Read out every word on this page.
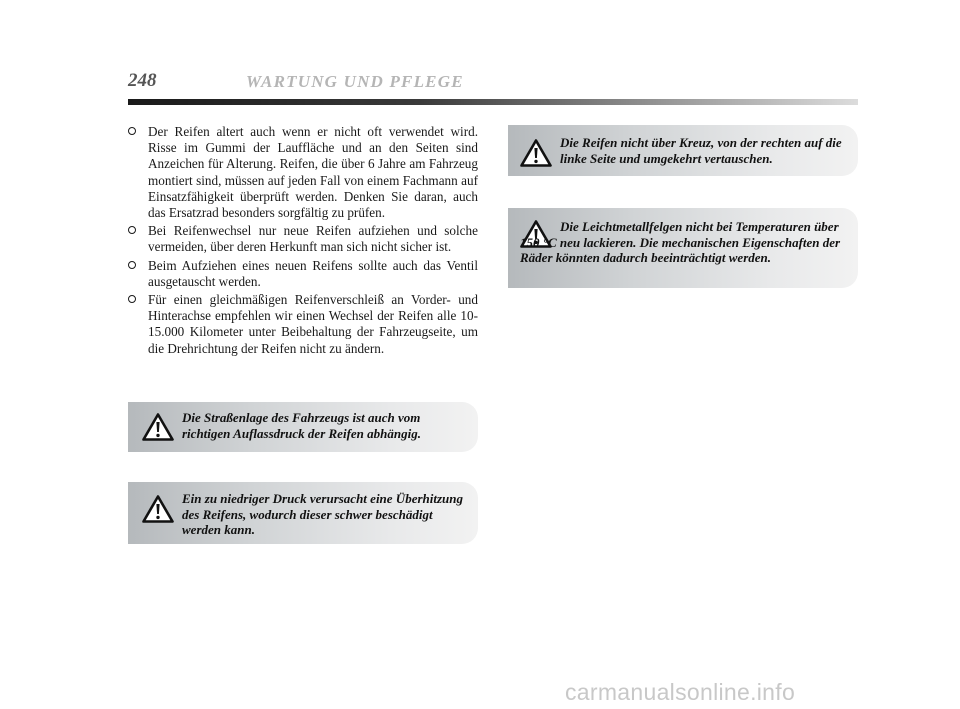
248	WARTUNG UND PFLEGE
Der Reifen altert auch wenn er nicht oft verwendet wird. Risse im Gummi der Lauffläche und an den Seiten sind Anzeichen für Alterung. Reifen, die über 6 Jahre am Fahrzeug montiert sind, müssen auf jeden Fall von einem Fachmann auf Einsatzfähigkeit überprüft werden. Denken Sie daran, auch das Ersatzrad besonders sorgfältig zu prüfen.
Bei Reifenwechsel nur neue Reifen aufziehen und solche vermeiden, über deren Herkunft man sich nicht sicher ist.
Beim Aufziehen eines neuen Reifens sollte auch das Ventil ausgetauscht werden.
Für einen gleichmäßigen Reifenverschleiß an Vorder- und Hinterachse empfehlen wir einen Wechsel der Reifen alle 10-15.000 Kilometer unter Beibehaltung der Fahrzeugseite, um die Drehrichtung der Reifen nicht zu ändern.
Die Straßenlage des Fahrzeugs ist auch vom richtigen Auflassdruck der Reifen abhängig.
Ein zu niedriger Druck verursacht eine Überhitzung des Reifens, wodurch dieser schwer beschädigt werden kann.
Die Reifen nicht über Kreuz, von der rechten auf die linke Seite und umgekehrt vertauschen.
Die Leichtmetallfelgen nicht bei Temperaturen über 150 °C neu lackieren. Die mechanischen Eigenschaften der Räder könnten dadurch beeinträchtigt werden.
carmanualsonline.info
